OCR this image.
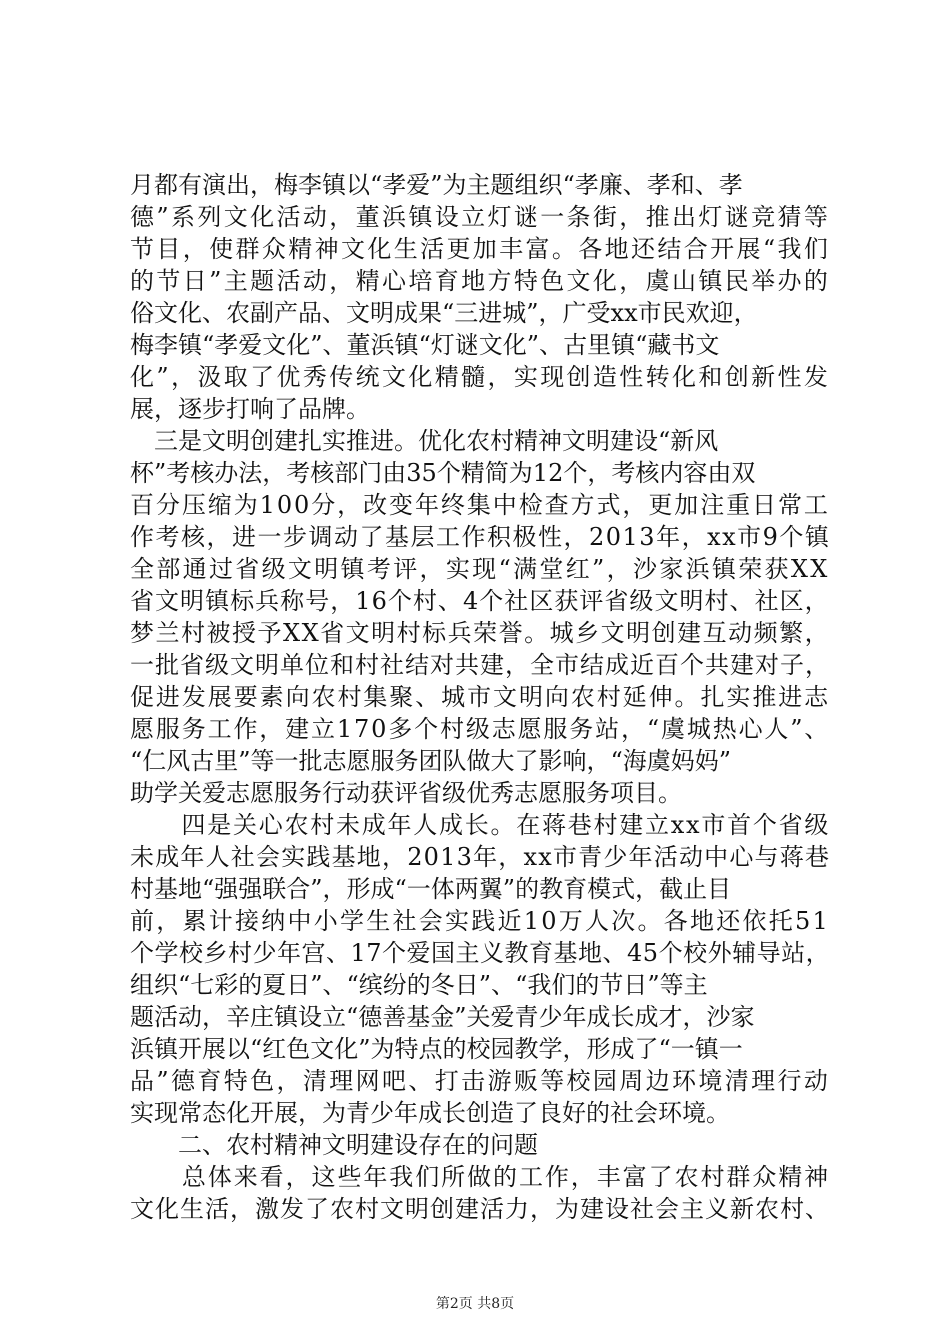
月都有演出，梅李镇以“孝爱”为主题组织“孝廉、孝和、孝
德”系列文化活动，董浜镇设立灯谜一条街，推出灯谜竞猜等
节目，使群众精神文化生活更加丰富。各地还结合开展“我们
的节日”主题活动，精心培育地方特色文化，虞山镇民举办的
俗文化、农副产品、文明成果“三进城”，广受xx市民欢迎，
梅李镇“孝爱文化”、董浜镇“灯谜文化”、古里镇“藏书文
化”，汲取了优秀传统文化精髓，实现创造性转化和创新性发
展，逐步打响了品牌。
　三是文明创建扎实推进。优化农村精神文明建设“新风
杯”考核办法，考核部门由35个精简为12个，考核内容由双
百分压缩为100分，改变年终集中检查方式，更加注重日常工
作考核，进一步调动了基层工作积极性，2013年，xx市9个镇
全部通过省级文明镇考评，实现“满堂红”，沙家浜镇荣获XX
省文明镇标兵称号，16个村、4个社区获评省级文明村、社区，
梦兰村被授予XX省文明村标兵荣誉。城乡文明创建互动频繁，
一批省级文明单位和村社结对共建，全市结成近百个共建对子，
促进发展要素向农村集聚、城市文明向农村延伸。扎实推进志
愿服务工作，建立170多个村级志愿服务站，“虞城热心人”、
“仁风古里”等一批志愿服务团队做大了影响，“海虞妈妈”
助学关爱志愿服务行动获评省级优秀志愿服务项目。
　　四是关心农村未成年人成长。在蒋巷村建立xx市首个省级
未成年人社会实践基地，2013年，xx市青少年活动中心与蒋巷
村基地“强强联合”，形成“一体两翼”的教育模式，截止目
前，累计接纳中小学生社会实践近10万人次。各地还依托51
个学校乡村少年宫、17个爱国主义教育基地、45个校外辅导站，
组织“七彩的夏日”、“缤纷的冬日”、“我们的节日”等主
题活动，辛庄镇设立“德善基金”关爱青少年成长成才，沙家
浜镇开展以“红色文化”为特点的校园教学，形成了“一镇一
品”德育特色，清理网吧、打击游贩等校园周边环境清理行动
实现常态化开展，为青少年成长创造了良好的社会环境。
　　二、农村精神文明建设存在的问题
　　总体来看，这些年我们所做的工作，丰富了农村群众精神
文化生活，激发了农村文明创建活力，为建设社会主义新农村、
第2页 共8页
